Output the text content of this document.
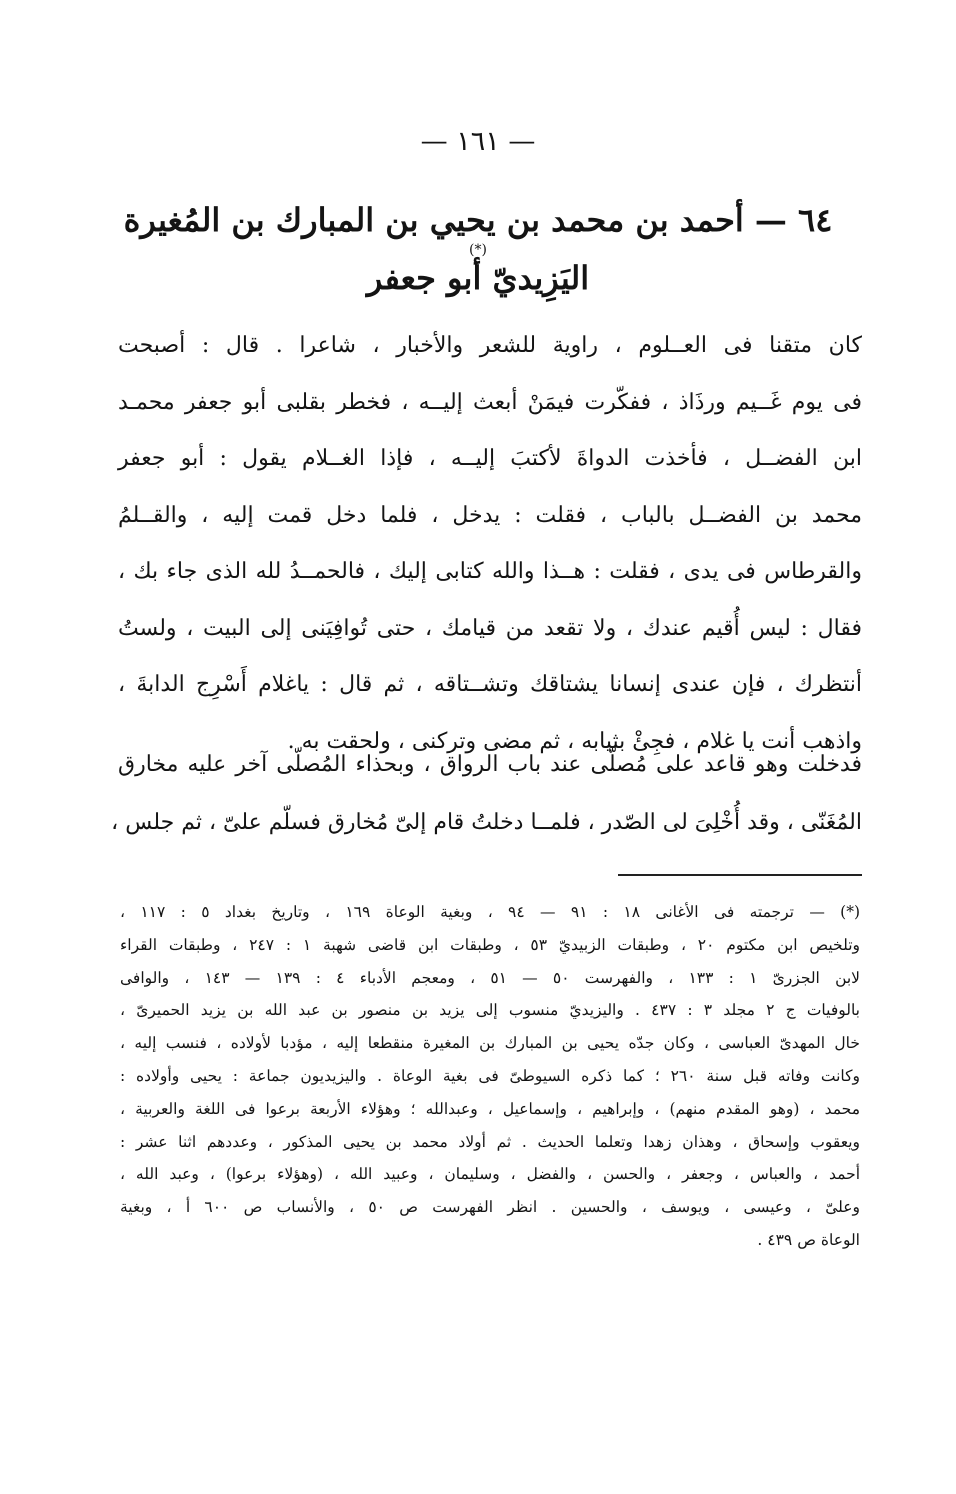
— ١٦١ —
٦٤ — أحمد بن محمد بن يحيي بن المبارك بن المُغيرة
(*)
اليَزِيديّ أبو جعفر
كان متقنا فى العــلوم ، راوية للشعر والأخبار ، شاعرا . قال : أصبحت
فى يوم غَــيم ورذَاذ ، ففكّرت فيمَنْ أبعث إليــه ، فخطر بقلبى أبو جعفر محمـد
ابن الفضــل ، فأخذت الدواةَ لأكتبَ إليــه ، فإذا الغــلام يقول : أبو جعفر
محمد بن الفضــل بالباب ، فقلت : يدخل ، فلما دخل قمت إليه ، والقــلمُ
والقرطاس فى يدى ، فقلت : هــذا والله كتابى إليك ، فالحمــدُ لله الذى جاء بك ،
فقال : ليس أُقيم عندك ، ولا تقعد من قيامك ، حتى تُوافِيَنى إلى البيت ، ولستُ
أنتظرك ، فإن عندى إنسانا يشتاقك وتشــتاقه ، ثم قال : ياغلام أَسْرِج الدابةَ ،
واذهب أنت يا غلام ، فجِئْ بثيابه ، ثم مضى وتركنى ، ولحقت به .
فدخلت وهو قاعد على مُصلّى عند باب الرواق ، وبحذاء المُصلّى آخر عليه مخارق
المُغَنّى ، وقد أُخْلِىَ لى الصّدر ، فلمــا دخلتُ قام إلىّ مُخارق فسلّم علىّ ، ثم جلس ،
(*) — ترجمته فى الأغانى ١٨ : ٩١ — ٩٤ ، وبغية الوعاة ١٦٩ ، وتاريخ بغداد ٥ : ١١٧ ،
وتلخيص ابن مكتوم ٢٠ ، وطبقات الزبيديّ ٥٣ ، وطبقات ابن قاضى شهبة ١ : ٢٤٧ ، وطبقات القراء
لابن الجزرىّ ١ : ١٣٣ ، والفهرست ٥٠ — ٥١ ، ومعجم الأدباء ٤ : ١٣٩ — ١٤٣ ، والوافى
بالوفيات ج ٢ مجلد ٣ : ٤٣٧ . واليزيديّ منسوب إلى يزيد بن منصور بن عبد الله بن يزيد الحميرىّ ،
خال المهدىّ العباسى ، وكان جدّه يحيى بن المبارك بن المغيرة منقطعا إليه ، مؤدبا لأولاده ، فنسب إليه ،
وكانت وفاته قبل سنة ٢٦٠ ؛ كما ذكره السيوطىّ فى بغية الوعاة . واليزيديون جماعة : يحيى وأولاده :
محمد ، (وهو المقدم منهم) ، وإبراهيم ، وإسماعيل ، وعبدالله ؛ وهؤلاء الأربعة برعوا فى اللغة والعربية ،
ويعقوب وإسحاق ، وهذان زهدا وتعلما الحديث . ثم أولاد محمد بن يحيى المذكور ، وعددهم اثنا عشر :
أحمد ، والعباس ، وجعفر ، والحسن ، والفضل ، وسليمان ، وعبيد الله ، (وهؤلاء برعوا) ، وعبد الله ،
وعلىّ ، وعيسى ، ويوسف ، والحسين . انظر الفهرست ص ٥٠ ، والأنساب ص ٦٠٠ أ ، وبغية
الوعاة ص ٤٣٩ .
